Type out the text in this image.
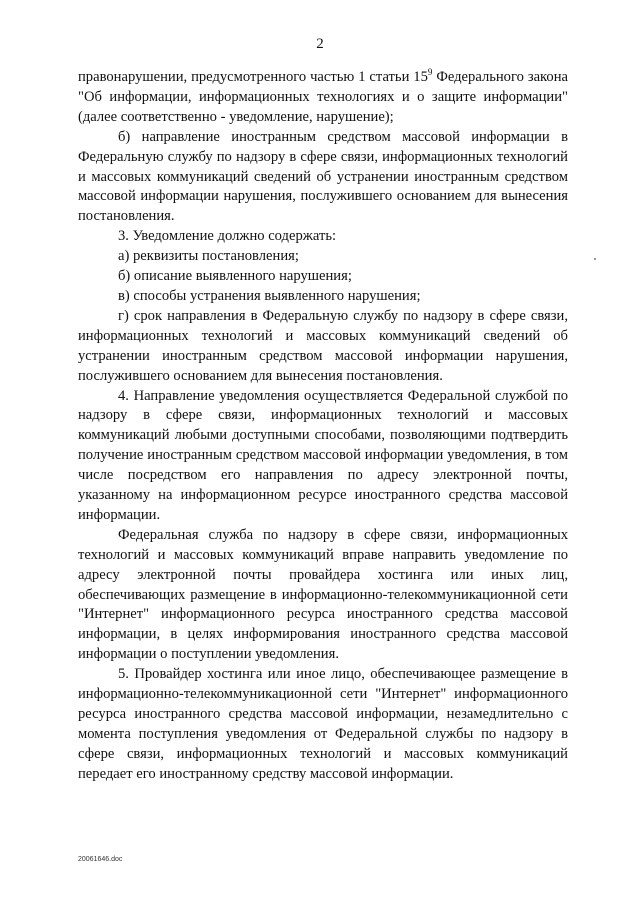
2

правонарушении, предусмотренного частью 1 статьи $15^9$ Федерального закона "Об информации, информационных технологиях и о защите информации" (далее соответственно - уведомление, нарушение);

б) направление иностранным средством массовой информации в Федеральную службу по надзору в сфере связи, информационных технологий и массовых коммуникаций сведений об устранении иностранным средством массовой информации нарушения, послужившего основанием для вынесения постановления.

3. Уведомление должно содержать:

а) реквизиты постановления;

б) описание выявленного нарушения;

в) способы устранения выявленного нарушения;

г) срок направления в Федеральную службу по надзору в сфере связи, информационных технологий и массовых коммуникаций сведений об устранении иностранным средством массовой информации нарушения, послужившего основанием для вынесения постановления.

4. Направление уведомления осуществляется Федеральной службой по надзору в сфере связи, информационных технологий и массовых коммуникаций любыми доступными способами, позволяющими подтвердить получение иностранным средством массовой информации уведомления, в том числе посредством его направления по адресу электронной почты, указанному на информационном ресурсе иностранного средства массовой информации.

Федеральная служба по надзору в сфере связи, информационных технологий и массовых коммуникаций вправе направить уведомление по адресу электронной почты провайдера хостинга или иных лиц, обеспечивающих размещение в информационно-телекоммуникационной сети "Интернет" информационного ресурса иностранного средства массовой информации, в целях информирования иностранного средства массовой информации о поступлении уведомления.

5. Провайдер хостинга или иное лицо, обеспечивающее размещение в информационно-телекоммуникационной сети "Интернет" информационного ресурса иностранного средства массовой информации, незамедлительно с момента поступления уведомления от Федеральной службы по надзору в сфере связи, информационных технологий и массовых коммуникаций передает его иностранному средству массовой информации.

20061646.doc
